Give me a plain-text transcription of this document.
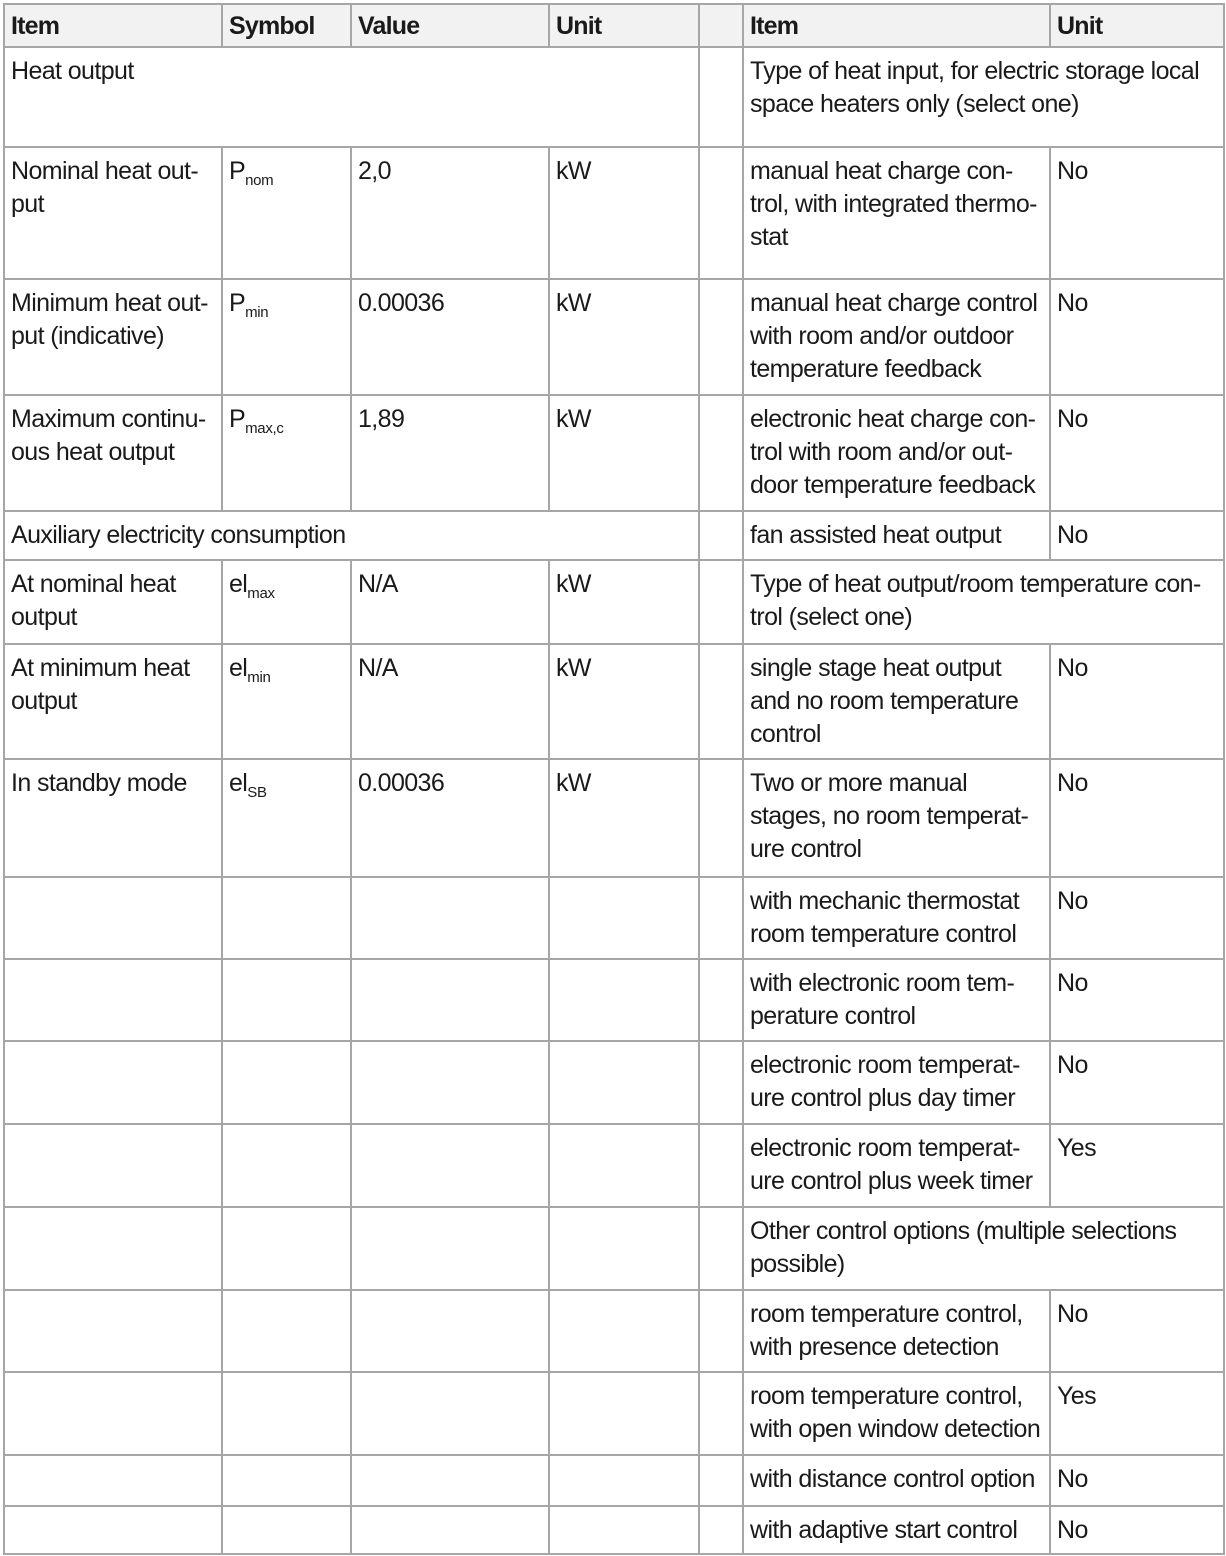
Item	Symbol	Value	Unit		Item	Unit
Heat output					Type of heat input, for electric storage local space heaters only (select one)	
Nominal heat out-put	$P_{nom}$	2,0	kW		manual heat charge con-trol, with integrated thermo-stat	No
Minimum heat out-put (indicative)	$P_{min}$	0.00036	kW		manual heat charge control with room and/or outdoor temperature feedback	No
Maximum continu-ous heat output	$P_{max,c}$	1,89	kW		electronic heat charge con-trol with room and/or out-door temperature feedback	No
Auxiliary electricity consumption					fan assisted heat output	No
At nominal heat output	$el_{max}$	N/A	kW		Type of heat output/room temperature con-trol (select one)	
At minimum heat output	$el_{min}$	N/A	kW		single stage heat output and no room temperature control	No
In standby mode	$el_{SB}$	0.00036	kW		Two or more manual stages, no room temperat-ure control	No
					with mechanic thermostat room temperature control	No
					with electronic room tem-perature control	No
					electronic room temperat-ure control plus day timer	No
					electronic room temperat-ure control plus week timer	Yes
					Other control options (multiple selections possible)	
					room temperature control, with presence detection	No
					room temperature control, with open window detection	Yes
					with distance control option	No
					with adaptive start control	No
